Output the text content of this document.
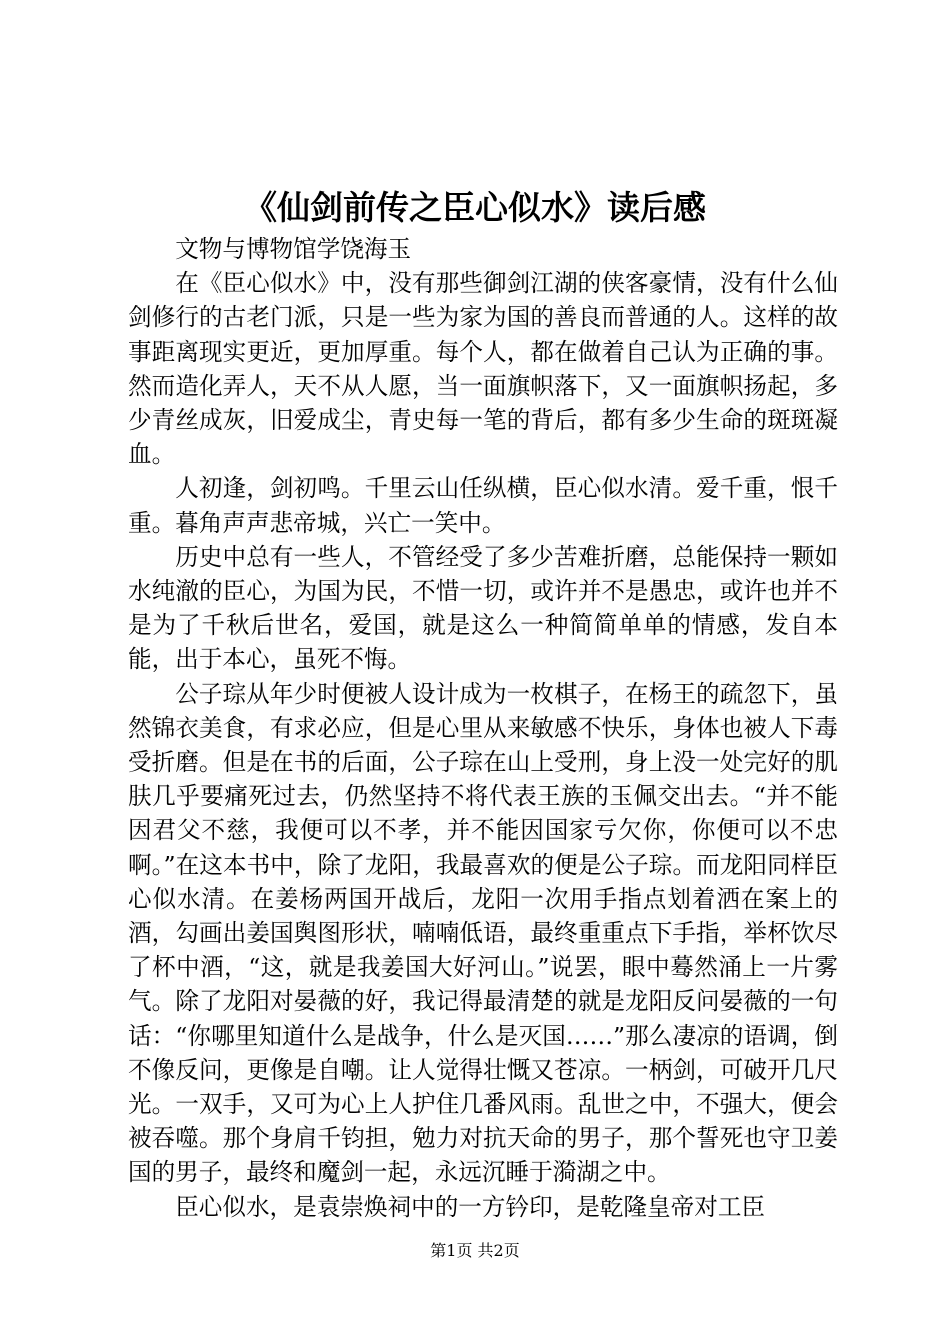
《仙剑前传之臣心似水》读后感

文物与博物馆学饶海玉

在《臣心似水》中，没有那些御剑江湖的侠客豪情，没有什么仙剑修行的古老门派，只是一些为家为国的善良而普通的人。这样的故事距离现实更近，更加厚重。每个人，都在做着自己认为正确的事。然而造化弄人，天不从人愿，当一面旗帜落下，又一面旗帜扬起，多少青丝成灰，旧爱成尘，青史每一笔的背后，都有多少生命的斑斑凝血。

人初逢，剑初鸣。千里云山任纵横，臣心似水清。爱千重，恨千重。暮角声声悲帝城，兴亡一笑中。

历史中总有一些人，不管经受了多少苦难折磨，总能保持一颗如水纯澈的臣心，为国为民，不惜一切，或许并不是愚忠，或许也并不是为了千秋后世名，爱国，就是这么一种简简单单的情感，发自本能，出于本心，虽死不悔。

公子琮从年少时便被人设计成为一枚棋子，在杨王的疏忽下，虽然锦衣美食，有求必应，但是心里从来敏感不快乐，身体也被人下毒受折磨。但是在书的后面，公子琮在山上受刑，身上没一处完好的肌肤几乎要痛死过去，仍然坚持不将代表王族的玉佩交出去。“并不能因君父不慈，我便可以不孝，并不能因国家亏欠你，你便可以不忠啊。”在这本书中，除了龙阳，我最喜欢的便是公子琮。而龙阳同样臣心似水清。在姜杨两国开战后，龙阳一次用手指点划着洒在案上的酒，勾画出姜国舆图形状，喃喃低语，最终重重点下手指，举杯饮尽了杯中酒，“这，就是我姜国大好河山。”说罢，眼中蓦然涌上一片雾气。除了龙阳对晏薇的好，我记得最清楚的就是龙阳反问晏薇的一句话：“你哪里知道什么是战争，什么是灭国……”那么凄凉的语调，倒不像反问，更像是自嘲。让人觉得壮慨又苍凉。一柄剑，可破开几尺光。一双手，又可为心上人护住几番风雨。乱世之中，不强大，便会被吞噬。那个身肩千钧担，勉力对抗天命的男子，那个誓死也守卫姜国的男子，最终和魔剑一起，永远沉睡于漪湖之中。

臣心似水，是袁崇焕祠中的一方钤印，是乾隆皇帝对工臣

第1页 共2页
